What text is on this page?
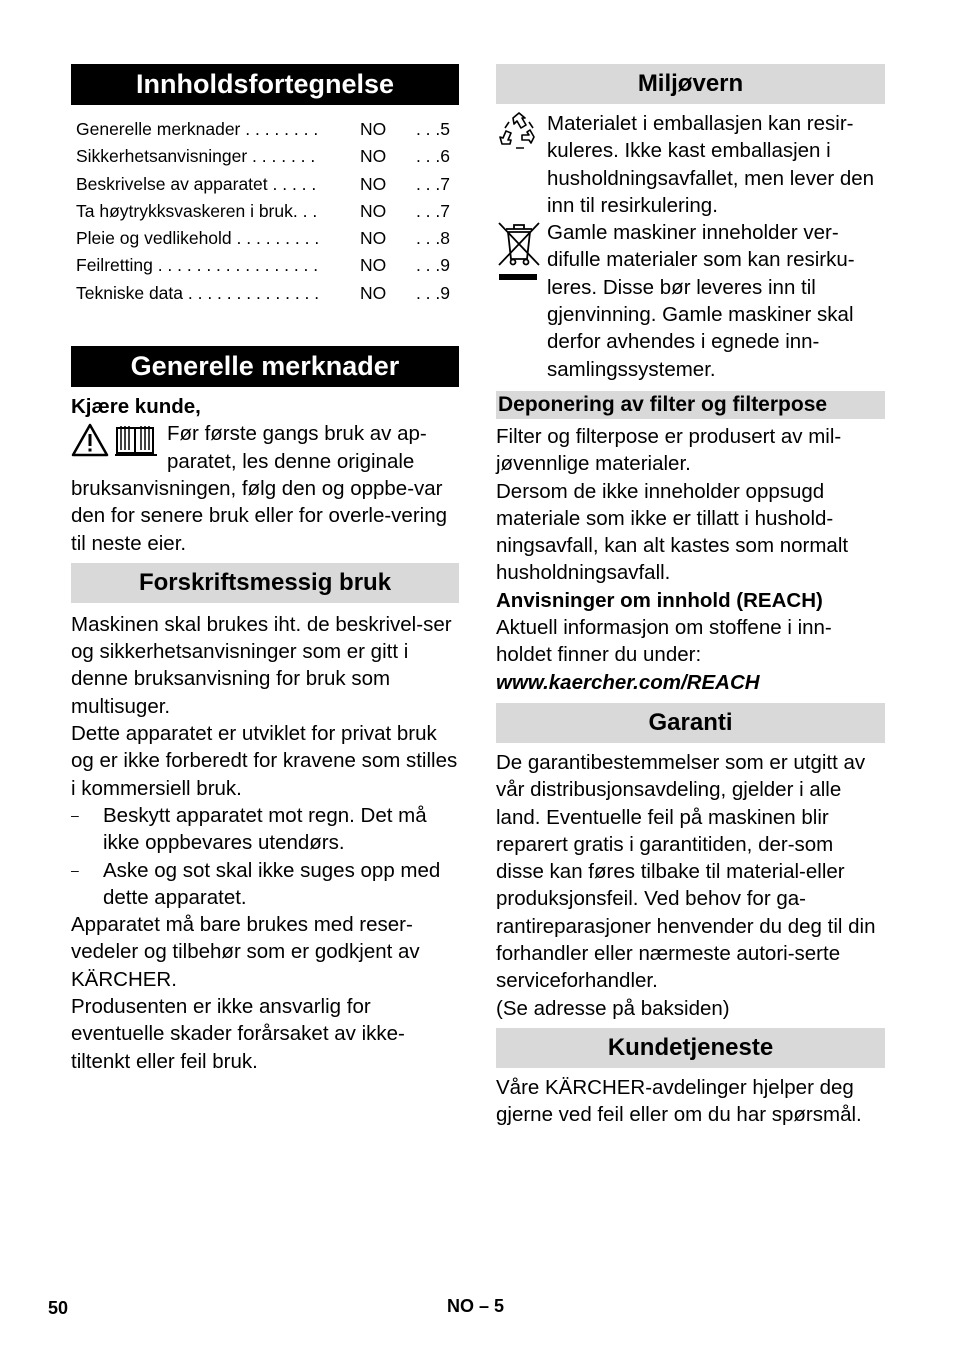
Innholdsfortegnelse
Generelle merknader . . . . . . . .	NO	. . .5
Sikkerhetsanvisninger . . . . . . .	NO	. . .6
Beskrivelse av apparatet . . . . .	NO	. . .7
Ta høytrykksvaskeren i bruk. . .	NO	. . .7
Pleie og vedlikehold . . . . . . . . .	NO	. . .8
Feilretting . . . . . . . . . . . . . . . . .	NO	. . .9
Tekniske data . . . . . . . . . . . . . .	NO	. . .9
Generelle merknader

Kjære kunde,

Før første gangs bruk av ap-

paratet, les denne originale

bruksanvisningen, følg den og oppbe-var den for senere bruk eller for overle-vering til neste eier.

Forskriftsmessig bruk

Maskinen skal brukes iht. de beskrivel-ser og sikkerhetsanvisninger som er gitt i denne bruksanvisning for bruk som multisuger.

Dette apparatet er utviklet for privat bruk og er ikke forberedt for kravene som stilles i kommersiell bruk.

–	Beskytt apparatet mot regn. Det må ikke oppbevares utendørs.
–	Aske og sot skal ikke suges opp med dette apparatet.

Apparatet må bare brukes med reser-vedeler og tilbehør som er godkjent av KÄRCHER.

Produsenten er ikke ansvarlig for eventuelle skader forårsaket av ikke-tiltenkt eller feil bruk.

Miljøvern

Materialet i emballasjen kan resir-kuleres. Ikke kast emballasjen i husholdningsavfallet, men lever den inn til resirkulering.

Gamle maskiner inneholder ver-difulle materialer som kan resirku-leres. Disse bør leveres inn til gjenvinning. Gamle maskiner skal derfor avhendes i egnede inn-samlingssystemer.

Deponering av filter og filterpose

Filter og filterpose er produsert av mil-jøvennlige materialer.

Dersom de ikke inneholder oppsugd materiale som ikke er tillatt i hushold-ningsavfall, kan alt kastes som normalt husholdningsavfall.

Anvisninger om innhold (REACH)

Aktuell informasjon om stoffene i inn-holdet finner du under:

www.kaercher.com/REACH

Garanti

De garantibestemmelser som er utgitt av vår distribusjonsavdeling, gjelder i alle land. Eventuelle feil på maskinen blir reparert gratis i garantitiden, der-som disse kan føres tilbake til material-eller produksjonsfeil. Ved behov for ga-rantireparasjoner henvender du deg til din forhandler eller nærmeste autori-serte serviceforhandler.

(Se adresse på baksiden)

Kundetjeneste

Våre KÄRCHER-avdelinger hjelper deg gjerne ved feil eller om du har spørsmål.

50	NO – 5
